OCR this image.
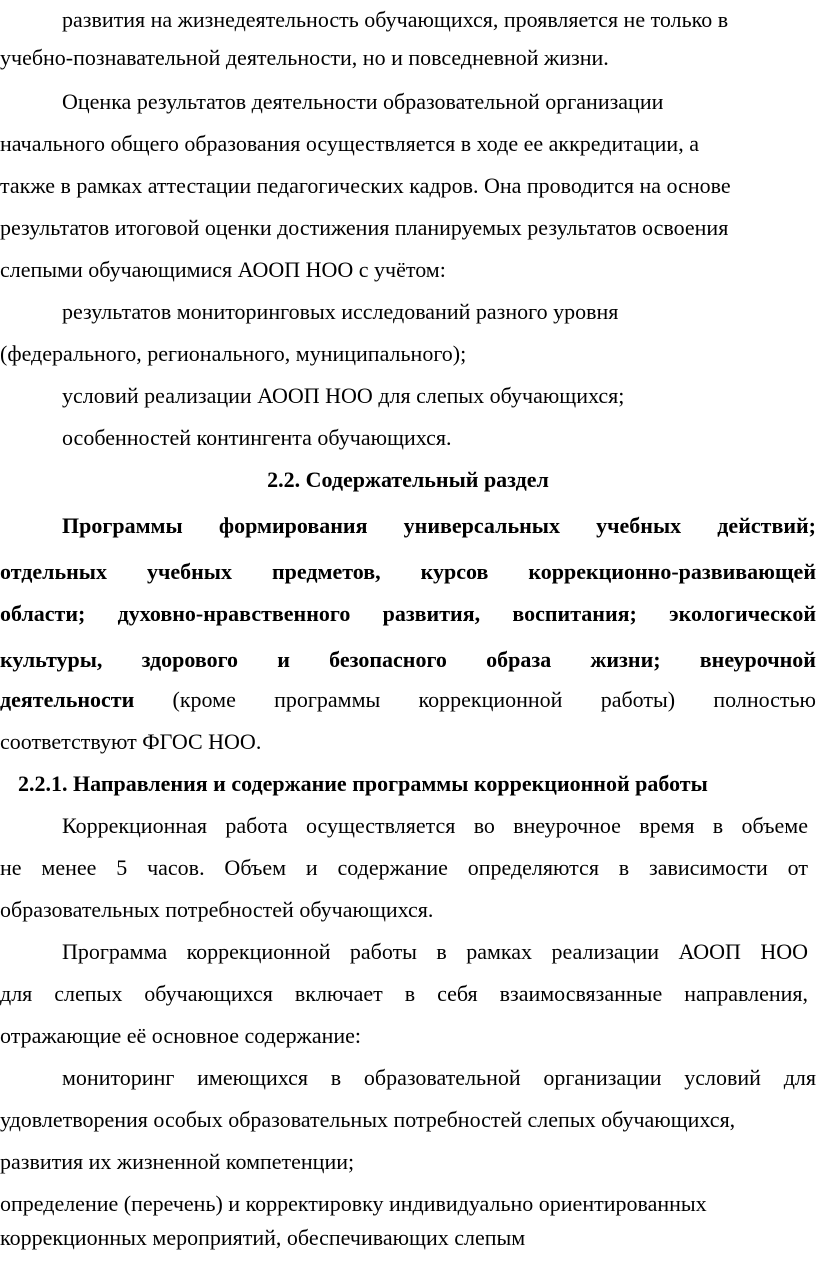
развития на жизнедеятельность обучающихся, проявляется не только в
учебно-познавательной деятельности, но и повседневной жизни.
Оценка результатов деятельности образовательной организации
начального общего образования осуществляется в ходе ее аккредитации, а
также в рамках аттестации педагогических кадров. Она проводится на основе
результатов итоговой оценки достижения планируемых результатов освоения
слепыми обучающимися АООП НОО с учётом:
результатов мониторинговых исследований разного уровня
(федерального, регионального, муниципального);
условий реализации АООП НОО для слепых обучающихся;
особенностей контингента обучающихся.
2.2. Содержательный раздел
Программы формирования универсальных учебных действий;
отдельных учебных предметов, курсов коррекционно-развивающей
области; духовно-нравственного развития, воспитания; экологической
культуры, здорового и безопасного образа жизни; внеурочной
деятельности (кроме программы коррекционной работы) полностью
соответствуют ФГОС НОО.
2.2.1. Направления и содержание программы коррекционной работы
Коррекционная работа осуществляется во внеурочное время в объеме
не менее 5 часов. Объем и содержание определяются в зависимости от
образовательных потребностей обучающихся.
Программа коррекционной работы в рамках реализации АООП НОО
для слепых обучающихся включает в себя взаимосвязанные направления,
отражающие её основное содержание:
мониторинг имеющихся в образовательной организации условий для
удовлетворения особых образовательных потребностей слепых обучающихся,
развития их жизненной компетенции;
определение (перечень) и корректировку индивидуально ориентированных
коррекционных мероприятий, обеспечивающих слепым
